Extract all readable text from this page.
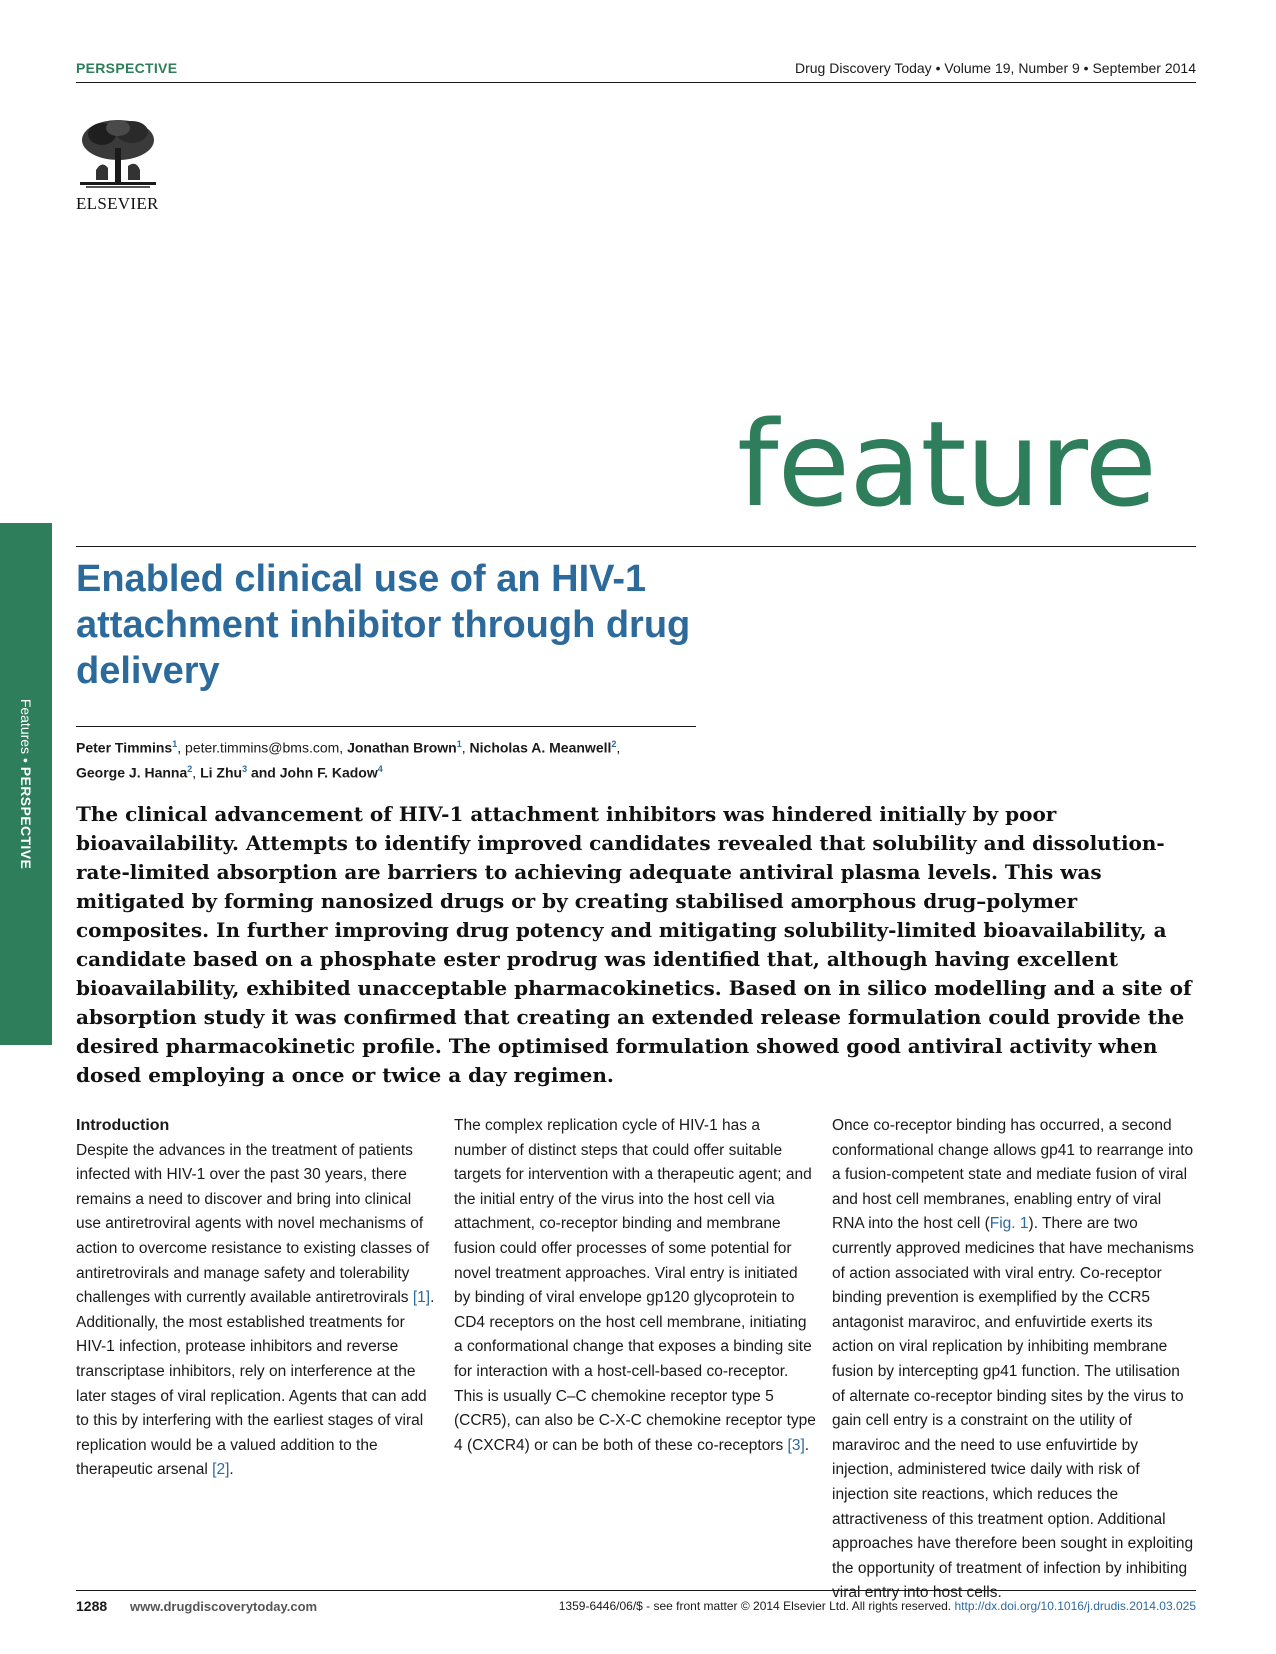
PERSPECTIVE	Drug Discovery Today • Volume 19, Number 9 • September 2014
ELSEVIER
feature
Features • PERSPECTIVE
Enabled clinical use of an HIV-1 attachment inhibitor through drug delivery
Peter Timmins$^1$, peter.timmins@bms.com, Jonathan Brown$^1$, Nicholas A. Meanwell$^2$,
George J. Hanna$^2$, Li Zhu$^3$ and John F. Kadow$^4$

The clinical advancement of HIV-1 attachment inhibitors was hindered initially by poor bioavailability. Attempts to identify improved candidates revealed that solubility and dissolution-rate-limited absorption are barriers to achieving adequate antiviral plasma levels. This was mitigated by forming nanosized drugs or by creating stabilised amorphous drug–polymer composites. In further improving drug potency and mitigating solubility-limited bioavailability, a candidate based on a phosphate ester prodrug was identified that, although having excellent bioavailability, exhibited unacceptable pharmacokinetics. Based on in silico modelling and a site of absorption study it was confirmed that creating an extended release formulation could provide the desired pharmacokinetic profile. The optimised formulation showed good antiviral activity when dosed employing a once or twice a day regimen.

Introduction

Despite the advances in the treatment of patients infected with HIV-1 over the past 30 years, there remains a need to discover and bring into clinical use antiretroviral agents with novel mechanisms of action to overcome resistance to existing classes of antiretrovirals and manage safety and tolerability challenges with currently available antiretrovirals [1]. Additionally, the most established treatments for HIV-1 infection, protease inhibitors and reverse transcriptase inhibitors, rely on interference at the later stages of viral replication. Agents that can add to this by interfering with the earliest stages of viral replication would be a valued addition to the therapeutic arsenal [2].

The complex replication cycle of HIV-1 has a number of distinct steps that could offer suitable targets for intervention with a therapeutic agent; and the initial entry of the virus into the host cell via attachment, co-receptor binding and membrane fusion could offer processes of some potential for novel treatment approaches. Viral entry is initiated by binding of viral envelope gp120 glycoprotein to CD4 receptors on the host cell membrane, initiating a conformational change that exposes a binding site for interaction with a host-cell-based co-receptor. This is usually C–C chemokine receptor type 5 (CCR5), can also be C-X-C chemokine receptor type 4 (CXCR4) or can be both of these co-receptors [3].

Once co-receptor binding has occurred, a second conformational change allows gp41 to rearrange into a fusion-competent state and mediate fusion of viral and host cell membranes, enabling entry of viral RNA into the host cell (Fig. 1). There are two currently approved medicines that have mechanisms of action associated with viral entry. Co-receptor binding prevention is exemplified by the CCR5 antagonist maraviroc, and enfuvirtide exerts its action on viral replication by inhibiting membrane fusion by intercepting gp41 function. The utilisation of alternate co-receptor binding sites by the virus to gain cell entry is a constraint on the utility of maraviroc and the need to use enfuvirtide by injection, administered twice daily with risk of injection site reactions, which reduces the attractiveness of this treatment option. Additional approaches have therefore been sought in exploiting the opportunity of treatment of infection by inhibiting viral entry into host cells.

1288 www.drugdiscoverytoday.com	1359-6446/06/$ - see front matter © 2014 Elsevier Ltd. All rights reserved. http://dx.doi.org/10.1016/j.drudis.2014.03.025
